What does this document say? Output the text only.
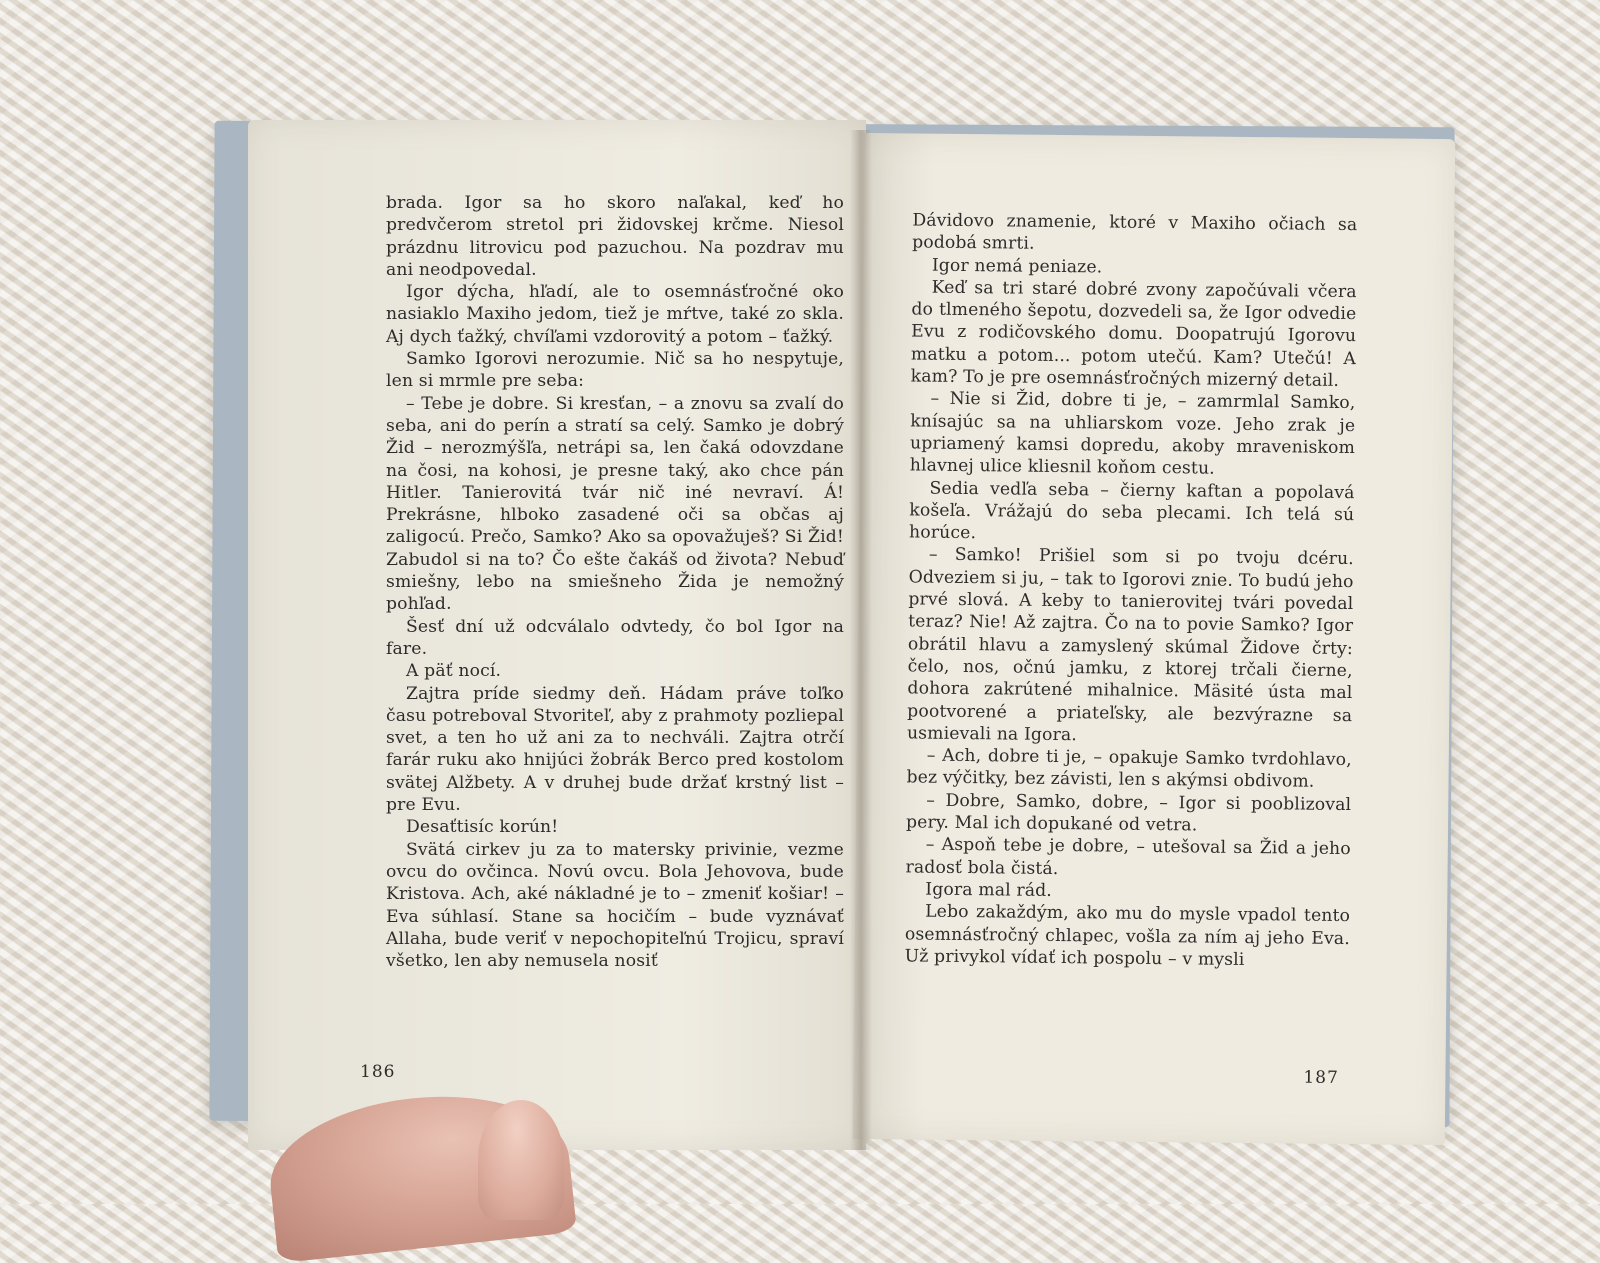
brada. Igor sa ho skoro naľakal, keď ho predvčerom stretol pri židovskej krčme. Niesol prázdnu litrovicu pod pazuchou. Na pozdrav mu ani neodpovedal.

Igor dýcha, hľadí, ale to osemnásťročné oko nasiaklo Maxiho jedom, tiež je mŕtve, také zo skla. Aj dych ťažký, chvíľami vzdorovitý a potom – ťažký.

Samko Igorovi nerozumie. Nič sa ho nespytuje, len si mrmle pre seba:

– Tebe je dobre. Si kresťan, – a znovu sa zvalí do seba, ani do perín a stratí sa celý. Samko je dobrý Žid – nerozmýšľa, netrápi sa, len čaká odovzdane na čosi, na kohosi, je presne taký, ako chce pán Hitler. Tanierovitá tvár nič iné nevraví. Á! Prekrásne, hlboko zasadené oči sa občas aj zaligocú. Prečo, Samko? Ako sa opovažuješ? Si Žid! Zabudol si na to? Čo ešte čakáš od života? Nebuď smiešny, lebo na smiešneho Žida je nemožný pohľad.

Šesť dní už odcválalo odvtedy, čo bol Igor na fare.

A päť nocí.

Zajtra príde siedmy deň. Hádam práve toľko času potreboval Stvoriteľ, aby z prahmoty pozliepal svet, a ten ho už ani za to nechváli. Zajtra otrčí farár ruku ako hnijúci žobrák Berco pred kostolom svätej Alžbety. A v druhej bude držať krstný list – pre Evu.

Desaťtisíc korún!

Svätá cirkev ju za to matersky privinie, vezme ovcu do ovčinca. Novú ovcu. Bola Jehovova, bude Kristova. Ach, aké nákladné je to – zmeniť košiar! – Eva súhlasí. Stane sa hocičím – bude vyznávať Allaha, bude veriť v nepochopiteľnú Trojicu, spraví všetko, len aby nemusela nosiť

186

Dávidovo znamenie, ktoré v Maxiho očiach sa podobá smrti.

Igor nemá peniaze.

Keď sa tri staré dobré zvony započúvali včera do tlmeného šepotu, dozvedeli sa, že Igor odvedie Evu z rodičovského domu. Doopatrujú Igorovu matku a potom... potom utečú. Kam? Utečú! A kam? To je pre osemnásťročných mizerný detail.

– Nie si Žid, dobre ti je, – zamrmlal Samko, knísajúc sa na uhliarskom voze. Jeho zrak je upriamený kamsi dopredu, akoby mraveniskom hlavnej ulice kliesnil koňom cestu.

Sedia vedľa seba – čierny kaftan a popolavá košeľa. Vrážajú do seba plecami. Ich telá sú horúce.

– Samko! Prišiel som si po tvoju dcéru. Odveziem si ju, – tak to Igorovi znie. To budú jeho prvé slová. A keby to tanierovitej tvári povedal teraz? Nie! Až zajtra. Čo na to povie Samko? Igor obrátil hlavu a zamyslený skúmal Židove črty: čelo, nos, očnú jamku, z ktorej trčali čierne, dohora zakrútené mihalnice. Mäsité ústa mal pootvorené a priateľsky, ale bezvýrazne sa usmievali na Igora.

– Ach, dobre ti je, – opakuje Samko tvrdohlavo, bez výčitky, bez závisti, len s akýmsi obdivom.

– Dobre, Samko, dobre, – Igor si pooblizoval pery. Mal ich dopukané od vetra.

– Aspoň tebe je dobre, – utešoval sa Žid a jeho radosť bola čistá.

Igora mal rád.

Lebo zakaždým, ako mu do mysle vpadol tento osemnásťročný chlapec, vošla za ním aj jeho Eva. Už privykol vídať ich pospolu – v mysli

187
